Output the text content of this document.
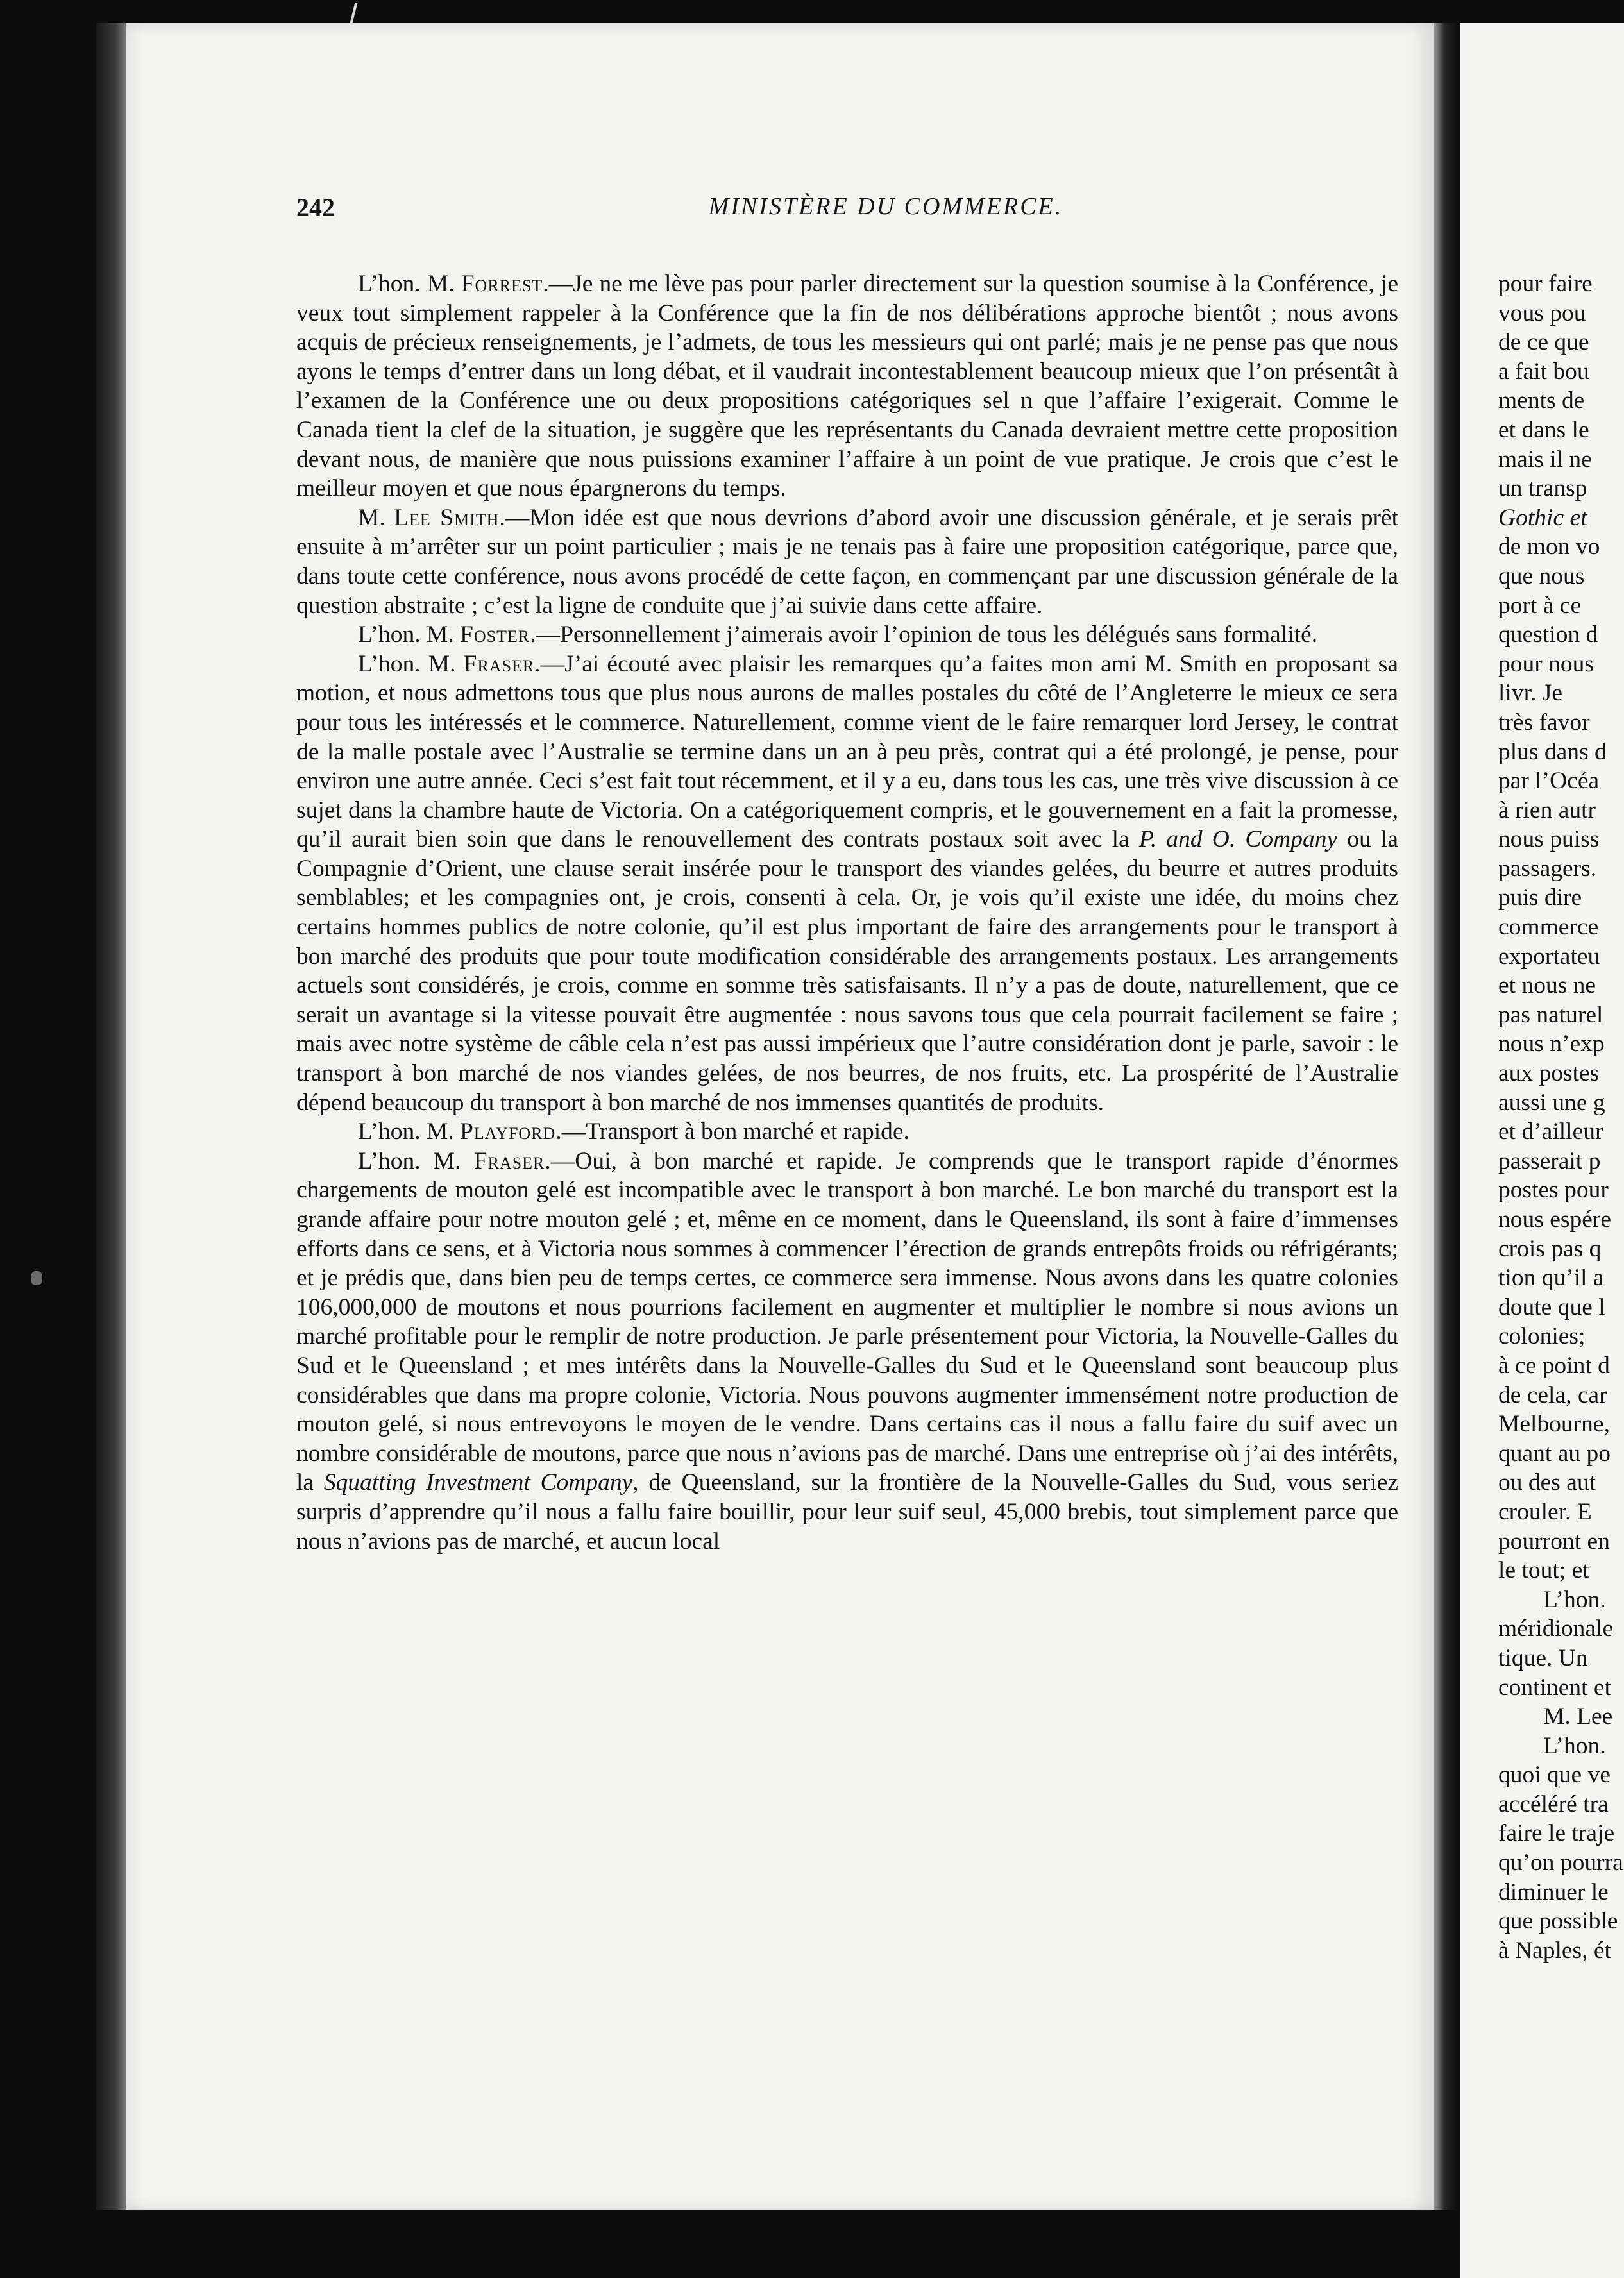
242	MINISTÈRE DU COMMERCE.

L’hon. M. Forrest.—Je ne me lève pas pour parler directement sur la question soumise à la Conférence, je veux tout simplement rappeler à la Conférence que la fin de nos délibérations approche bientôt ; nous avons acquis de précieux renseignements, je l’admets, de tous les messieurs qui ont parlé; mais je ne pense pas que nous ayons le temps d’entrer dans un long débat, et il vaudrait incontestablement beaucoup mieux que l’on présentât à l’examen de la Conférence une ou deux propositions catégoriques sel n que l’affaire l’exigerait. Comme le Canada tient la clef de la situation, je suggère que les représentants du Canada devraient mettre cette proposition devant nous, de manière que nous puissions examiner l’affaire à un point de vue pratique. Je crois que c’est le meilleur moyen et que nous épargnerons du temps.

M. Lee Smith.—Mon idée est que nous devrions d’abord avoir une discussion générale, et je serais prêt ensuite à m’arrêter sur un point particulier ; mais je ne tenais pas à faire une proposition catégorique, parce que, dans toute cette conférence, nous avons procédé de cette façon, en commençant par une discussion générale de la question abstraite ; c’est la ligne de conduite que j’ai suivie dans cette affaire.

L’hon. M. Foster.—Personnellement j’aimerais avoir l’opinion de tous les délégués sans formalité.

L’hon. M. Fraser.—J’ai écouté avec plaisir les remarques qu’a faites mon ami M. Smith en proposant sa motion, et nous admettons tous que plus nous aurons de malles postales du côté de l’Angleterre le mieux ce sera pour tous les intéressés et le commerce. Naturellement, comme vient de le faire remarquer lord Jersey, le contrat de la malle postale avec l’Australie se termine dans un an à peu près, contrat qui a été prolongé, je pense, pour environ une autre année. Ceci s’est fait tout récemment, et il y a eu, dans tous les cas, une très vive discussion à ce sujet dans la chambre haute de Victoria. On a catégoriquement compris, et le gouvernement en a fait la promesse, qu’il aurait bien soin que dans le renouvellement des contrats postaux soit avec la P. and O. Company ou la Compagnie d’Orient, une clause serait insérée pour le transport des viandes gelées, du beurre et autres produits semblables; et les compagnies ont, je crois, consenti à cela. Or, je vois qu’il existe une idée, du moins chez certains hommes publics de notre colonie, qu’il est plus important de faire des arrangements pour le transport à bon marché des produits que pour toute modification considérable des arrangements postaux. Les arrangements actuels sont considérés, je crois, comme en somme très satisfaisants. Il n’y a pas de doute, naturellement, que ce serait un avantage si la vitesse pouvait être augmentée : nous savons tous que cela pourrait facilement se faire ; mais avec notre système de câble cela n’est pas aussi impérieux que l’autre considération dont je parle, savoir : le transport à bon marché de nos viandes gelées, de nos beurres, de nos fruits, etc. La prospérité de l’Australie dépend beaucoup du transport à bon marché de nos immenses quantités de produits.

L’hon. M. Playford.—Transport à bon marché et rapide.

L’hon. M. Fraser.—Oui, à bon marché et rapide. Je comprends que le transport rapide d’énormes chargements de mouton gelé est incompatible avec le transport à bon marché. Le bon marché du transport est la grande affaire pour notre mouton gelé ; et, même en ce moment, dans le Queensland, ils sont à faire d’immenses efforts dans ce sens, et à Victoria nous sommes à commencer l’érection de grands entrepôts froids ou réfrigérants; et je prédis que, dans bien peu de temps certes, ce commerce sera immense. Nous avons dans les quatre colonies 106,000,000 de moutons et nous pourrions facilement en augmenter et multiplier le nombre si nous avions un marché profitable pour le remplir de notre production. Je parle présentement pour Victoria, la Nouvelle-Galles du Sud et le Queensland ; et mes intérêts dans la Nouvelle-Galles du Sud et le Queensland sont beaucoup plus considérables que dans ma propre colonie, Victoria. Nous pouvons augmenter immensément notre production de mouton gelé, si nous entrevoyons le moyen de le vendre. Dans certains cas il nous a fallu faire du suif avec un nombre considérable de moutons, parce que nous n’avions pas de marché. Dans une entreprise où j’ai des intérêts, la Squatting Investment Company, de Queensland, sur la frontière de la Nouvelle-Galles du Sud, vous seriez surpris d’apprendre qu’il nous a fallu faire bouillir, pour leur suif seul, 45,000 brebis, tout simplement parce que nous n’avions pas de marché, et aucun local

pour faire
vous pou
de ce que
a fait bou
ments de
et dans le
mais il ne
un transp
Gothic et
de mon vo
que nous
port à ce
question d
pour nous
livr. Je
très favor
plus dans d
par l’Océa
à rien autr
nous puiss
passagers.
puis dire
commerce
exportateu
et nous ne
pas naturel
nous n’exp
aux postes
aussi une g
et d’ailleur
passerait p
postes pour
nous espére
crois pas q
tion qu’il a
doute que l
colonies;
à ce point d
de cela, car
Melbourne,
quant au po
ou des aut
crouler. E
pourront en
le tout; et
L’hon.
méridionale
tique. Un
continent et
M. Lee
L’hon.
quoi que ve
accéléré tra
faire le traje
qu’on pourra
diminuer le
que possible
à Naples, ét
